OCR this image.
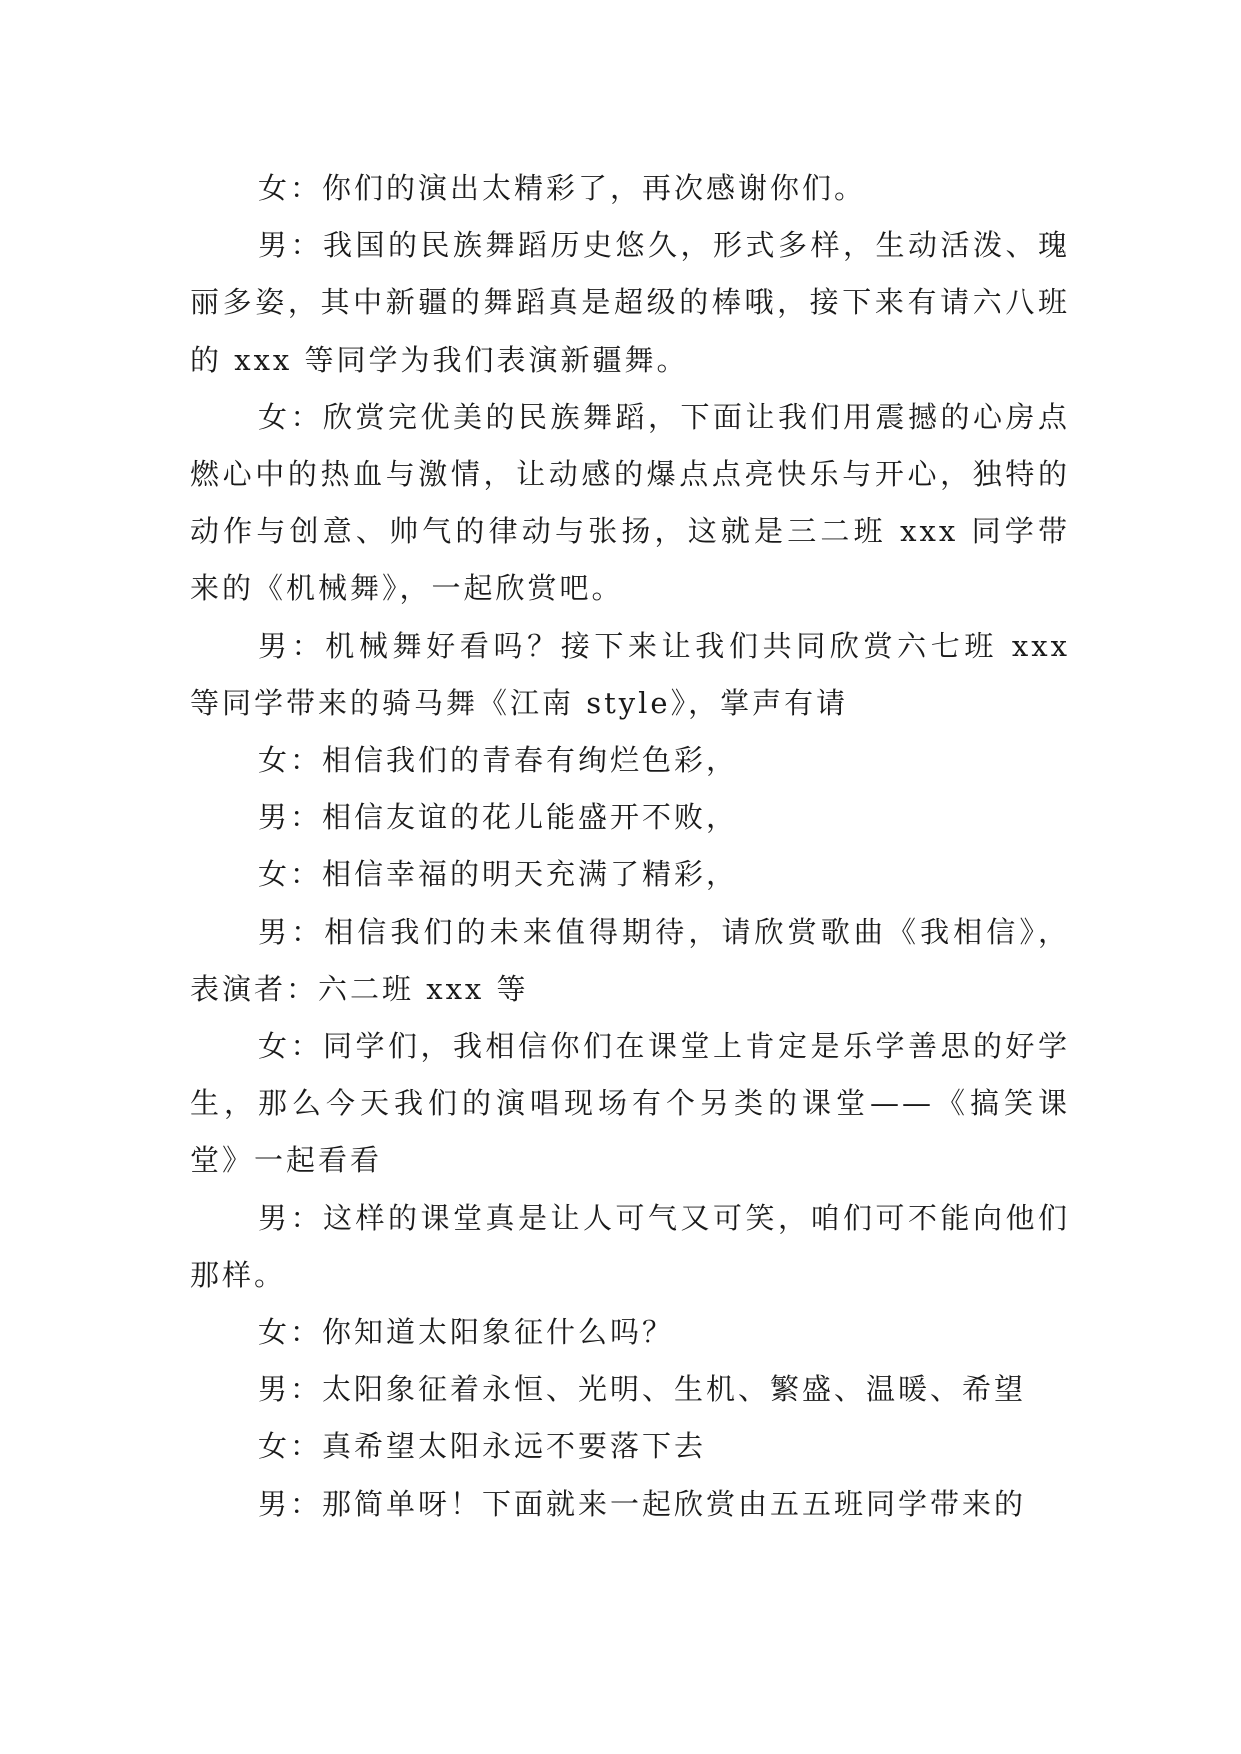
女：你们的演出太精彩了，再次感谢你们。

男：我国的民族舞蹈历史悠久，形式多样，生动活泼、瑰丽多姿，其中新疆的舞蹈真是超级的棒哦，接下来有请六八班的 xxx 等同学为我们表演新疆舞。

女：欣赏完优美的民族舞蹈，下面让我们用震撼的心房点燃心中的热血与激情，让动感的爆点点亮快乐与开心，独特的动作与创意、帅气的律动与张扬，这就是三二班 xxx 同学带来的《机械舞》，一起欣赏吧。

男：机械舞好看吗？接下来让我们共同欣赏六七班 xxx 等同学带来的骑马舞《江南 style》，掌声有请

女：相信我们的青春有绚烂色彩，

男：相信友谊的花儿能盛开不败，

女：相信幸福的明天充满了精彩，

男：相信我们的未来值得期待，请欣赏歌曲《我相信》，表演者：六二班 xxx 等

女：同学们，我相信你们在课堂上肯定是乐学善思的好学生，那么今天我们的演唱现场有个另类的课堂——《搞笑课堂》一起看看

男：这样的课堂真是让人可气又可笑，咱们可不能向他们那样。

女：你知道太阳象征什么吗？

男：太阳象征着永恒、光明、生机、繁盛、温暖、希望

女：真希望太阳永远不要落下去

男：那简单呀！下面就来一起欣赏由五五班同学带来的
